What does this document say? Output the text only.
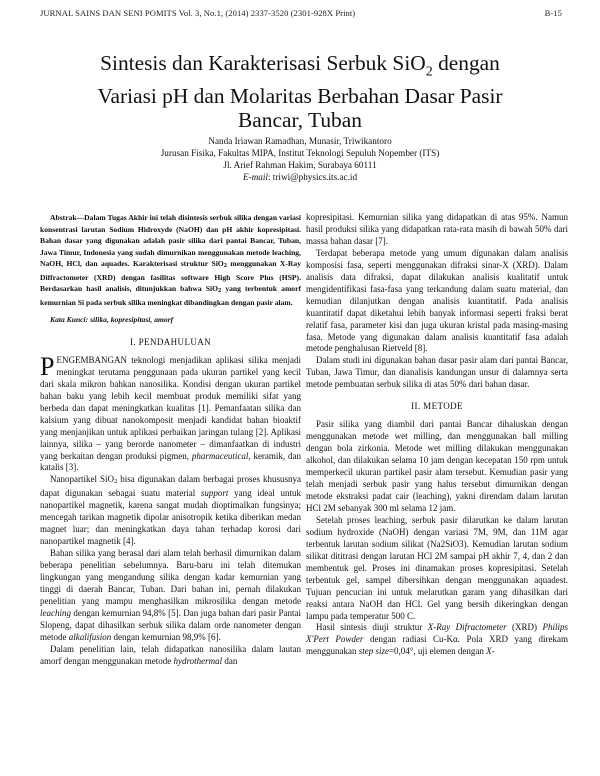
JURNAL SAINS DAN SENI POMITS Vol. 3, No.1, (2014) 2337-3520 (2301-928X Print)	B-15
Sintesis dan Karakterisasi Serbuk SiO$_2$ dengan
Variasi pH dan Molaritas Berbahan Dasar Pasir
Bancar, Tuban
Nanda Iriawan Ramadhan, Munasir, Triwikantoro
Jurusan Fisika, Fakultas MIPA, Institut Teknologi Sepuluh Nopember (ITS)
Jl. Arief Rahman Hakim, Surabaya 60111
E-mail: triwi@physics.its.ac.id

Abstrak—Dalam Tugas Akhir ini telah disintesis serbuk silika dengan variasi konsentrasi larutan Sodium Hidroxyde (NaOH) dan pH akhir kopresipitasi. Bahan dasar yang digunakan adalah pasir silika dari pantai Bancar, Tuban, Jawa Timur, Indonesia yang sudah dimurnikan menggunakan metode leaching, NaOH, HCl, dan aquades. Karakterisasi struktur SiO$_2$ menggunakan X-Ray Diffractometer (XRD) dengan fasilitas software High Score Plus (HSP). Berdasarkan hasil analisis, ditunjukkan bahwa SiO$_2$ yang terbentuk amorf kemurnian Si pada serbuk silika meningkat dibandingkan dengan pasir alam.

Kata Kunci: silika, kopresipitasi, amorf

I. PENDAHULUAN

PENGEMBANGAN teknologi menjadikan aplikasi silika menjadi meningkat terutama penggunaan pada ukuran partikel yang kecil dari skala mikron bahkan nanosilika. Kondisi dengan ukuran partikel bahan baku yang lebih kecil membuat produk memiliki sifat yang berbeda dan dapat meningkatkan kualitas [1]. Pemanfaatan silika dan kalsium yang dibuat nanokomposit menjadi kandidat bahan bioaktif yang menjanjikan untuk aplikasi perbaikan jaringan tulang [2]. Aplikasi lainnya, silika – yang berorde nanometer – dimanfaatkan di industri yang berkaitan dengan produksi pigmen, pharmaceutical, keramik, dan katalis [3].

Nanopartikel SiO$_2$ bisa digunakan dalam berbagai proses khususnya dapat digunakan sebagai suatu material support yang ideal untuk nanopartikel magnetik, karena sangat mudah dioptimalkan fungsinya; mencegah tarikan magnetik dipolar anisotropik ketika diberikan medan magnet luar; dan meningkatkan daya tahan terhadap korosi dari nanopartikel magnetik [4].

Bahan silika yang berasal dari alam telah berhasil dimurnikan dalam beberapa penelitian sebelumnya. Baru-baru ini telah ditemukan lingkungan yang mengandung silika dengan kadar kemurnian yang tinggi di daerah Bancar, Tuban. Dari bahan ini, pernah dilakukan penelitian yang mampu menghasilkan mikrosilika dengan metode leaching dengan kemurnian 94,8% [5]. Dan juga bahan dari pasir Pantai Slopeng, dapat dihasilkan serbuk silika dalam orde nanometer dengan metode alkalifusion dengan kemurnian 98,9% [6].

Dalam penelitian lain, telah didapatkan nanosilika dalam lautan amorf dengan menggunakan metode hydrothermal dan

kopresipitasi. Kemurnian silika yang didapatkan di atas 95%. Namun hasil produksi silika yang didapatkan rata-rata masih di bawah 50% dari massa bahan dasar [7].

Terdapat beberapa metode yang umum digunakan dalam analisis komposisi fasa, seperti menggunakan difraksi sinar-X (XRD). Dalam analisis data difraksi, dapat dilakukan analisis kualitatif untuk mengidentifikasi fasa-fasa yang terkandung dalam suatu material, dan kemudian dilanjutkan dengan analisis kuantitatif. Pada analisis kuantitatif dapat diketahui lebih banyak informasi seperti fraksi berat relatif fasa, parameter kisi dan juga ukuran kristal pada masing-masing fasa. Metode yang digunakan dalam analisis kuantitatif fasa adalah metode penghalusan Rietveld [8].

Dalam studi ini digunakan bahan dasar pasir alam dari pantai Bancar, Tuban, Jawa Timur, dan dianalisis kandungan unsur di dalamnya serta metode pembuatan serbuk silika di atas 50% dari bahan dasar.

II. METODE

Pasir silika yang diambil dari pantai Bancar dihaluskan dengan menggunakan metode wet milling, dan menggunakan ball milling dengan bola zirkonia. Metode wet milling dilakukan menggunakan alkohol, dan dilakukan selama 10 jam dengan kecepatan 150 rpm untuk memperkecil ukuran partikel pasir alam tersebut. Kemudian pasir yang telah menjadi serbuk pasir yang halus tersebut dimurnikan dengan metode ekstraksi padat cair (leaching), yakni direndam dalam larutan HCl 2M sebanyak 300 ml selama 12 jam.

Setelah proses leaching, serbuk pasir dilarutkan ke dalam larutan sodium hydroxide (NaOH) dengan variasi 7M, 9M, dan 11M agar terbentuk larutan sodium silikat (Na2SiO3). Kemudian larutan sodium silikat dititrasi dengan larutan HCl 2M sampai pH akhir 7, 4, dan 2 dan membentuk gel. Proses ini dinamakan proses kopresipitasi. Setelah terbentuk gel, sampel dibersihkan dengan menggunakan aquadest. Tujuan pencucian ini untuk melarutkan garam yang dihasilkan dari reaksi antara NaOH dan HCl. Gel yang bersih dikeringkan dengan lampu pada temperatur 500 C.

Hasil sintesis diuji struktur X-Ray Difractometer (XRD) Philips X'Pert Powder dengan radiasi Cu-Kα. Pola XRD yang direkam menggunakan step size=0,04°, uji elemen dengan X-
